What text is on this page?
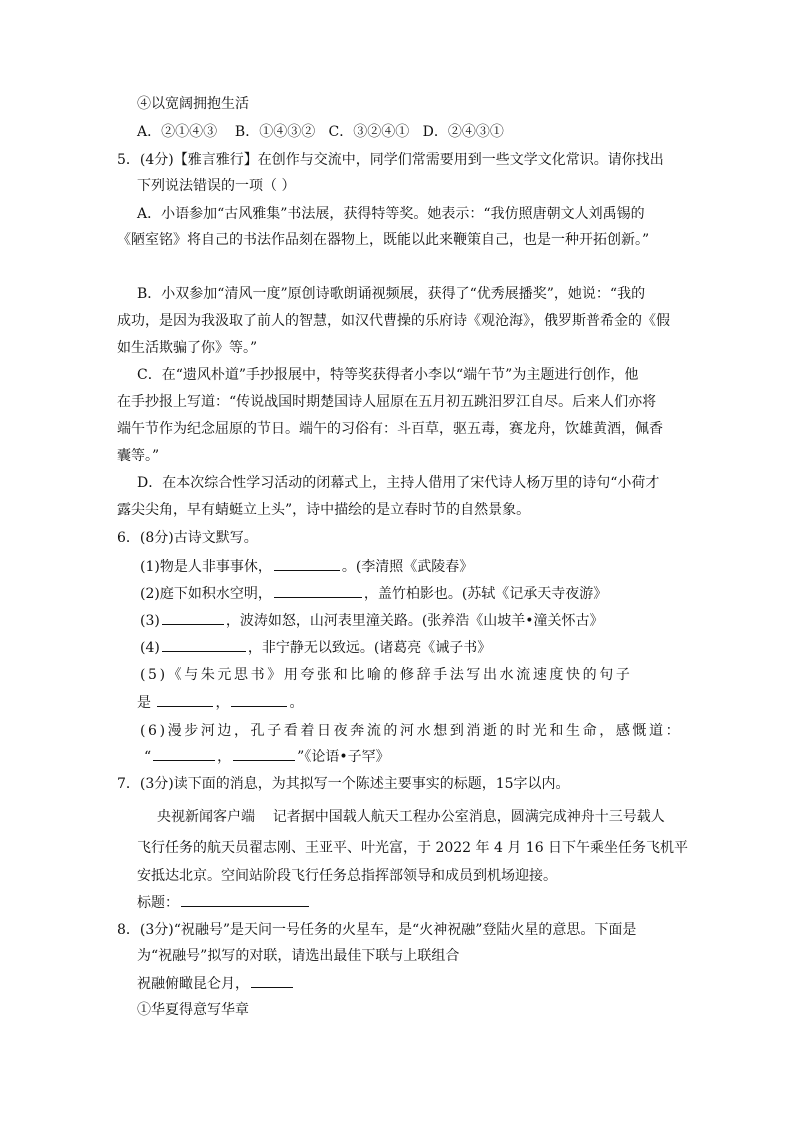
④以宽阔拥抱生活

A．②①④③    B．①④③②   C．③②④①   D．②④③①

5．(4分)【雅言雅行】在创作与交流中，同学们常需要用到一些文学文化常识。请你找出

下列说法错误的一项（ ）

A．小语参加“古风雅集”书法展，获得特等奖。她表示：“我仿照唐朝文人刘禹锡的

《陋室铭》将自己的书法作品刻在器物上，既能以此来鞭策自己，也是一种开拓创新。”

B．小双参加“清风一度”原创诗歌朗诵视频展，获得了“优秀展播奖”，她说：“我的

成功，是因为我汲取了前人的智慧，如汉代曹操的乐府诗《观沧海》，俄罗斯普希金的《假

如生活欺骗了你》等。”

C．在“遗风朴道”手抄报展中，特等奖获得者小李以“端午节”为主题进行创作，他

在手抄报上写道：“传说战国时期楚国诗人屈原在五月初五跳汨罗江自尽。后来人们亦将

端午节作为纪念屈原的节日。端午的习俗有：斗百草，驱五毒，赛龙舟，饮雄黄酒，佩香

囊等。”

D．在本次综合性学习活动的闭幕式上，主持人借用了宋代诗人杨万里的诗句“小荷才

露尖尖角，早有蜻蜓立上头”，诗中描绘的是立春时节的自然景象。

6．(8分)古诗文默写。

(1)物是人非事事休，	。(李清照《武陵春》

(2)庭下如积水空明，	，盖竹柏影也。(苏轼《记承天寺夜游》

(3)	，波涛如怒，山河表里潼关路。(张养浩《山坡羊•潼关怀古》

(4)	，非宁静无以致远。(诸葛亮《诫子书》

(5)《与朱元思书》用夸张和比喻的修辞手法写出水流速度快的句子

是	，	。

(6)漫步河边，孔子看着日夜奔流的河水想到消逝的时光和生命，感慨道：

“	，	”《论语•子罕》

7．(3分)读下面的消息，为其拟写一个陈述主要事实的标题，15字以内。

央视新闻客户端    记者据中国载人航天工程办公室消息，圆满完成神舟十三号载人

飞行任务的航天员翟志刚、王亚平、叶光富，于 2022 年 4 月 16 日下午乘坐任务飞机平

安抵达北京。空间站阶段飞行任务总指挥部领导和成员到机场迎接。

标题：

8．(3分)“祝融号”是天问一号任务的火星车，是“火神祝融”登陆火星的意思。下面是

为“祝融号”拟写的对联，请选出最佳下联与上联组合

祝融俯瞰昆仑月，

①华夏得意写华章
